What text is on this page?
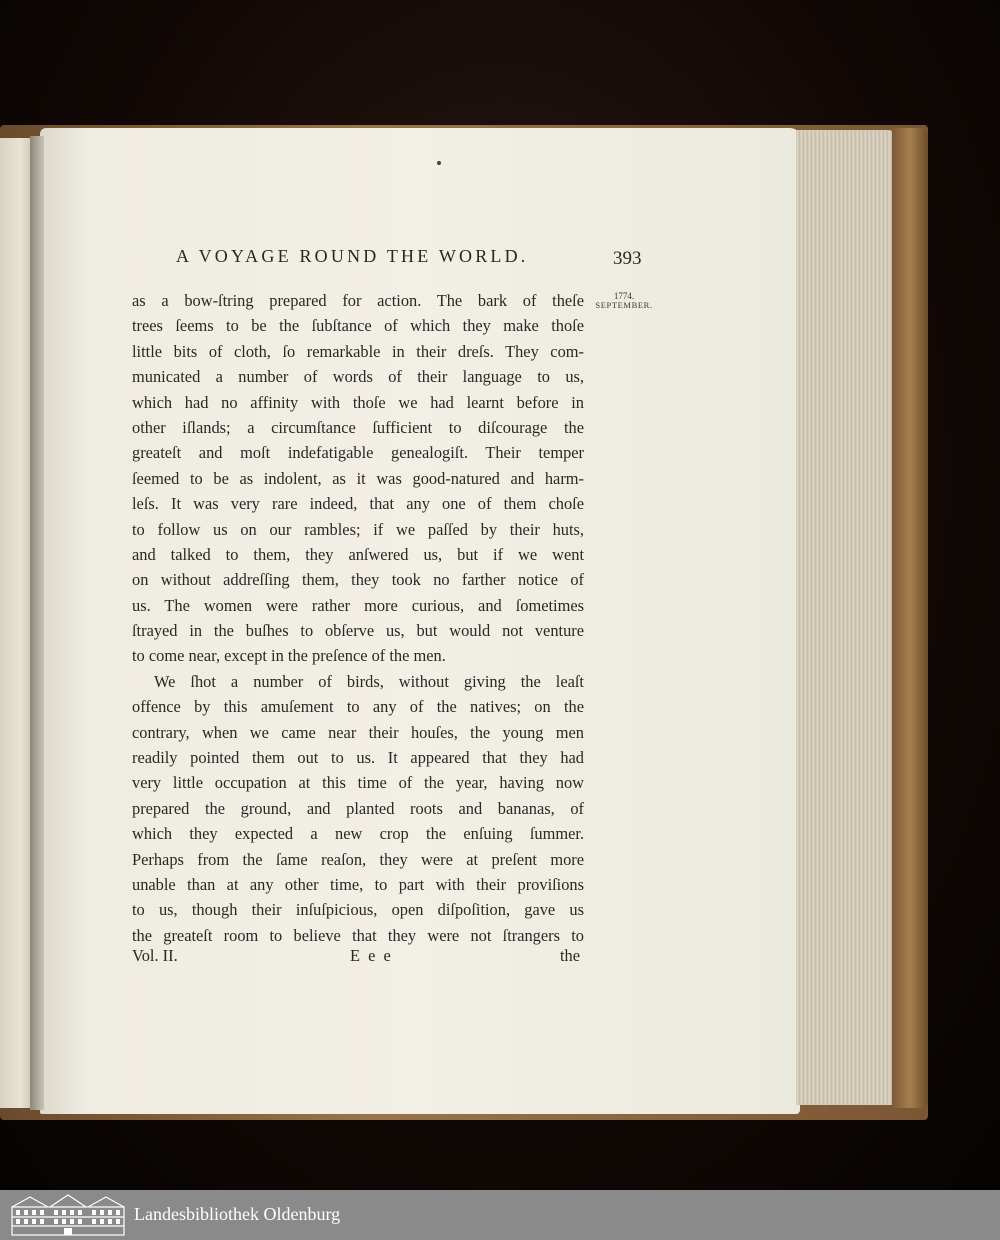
A VOYAGE ROUND THE WORLD.	393
1774.
SEPTEMBER.
as a bow-ſtring prepared for action. The bark of theſe
trees ſeems to be the ſubſtance of which they make thoſe
little bits of cloth, ſo remarkable in their dreſs. They com-
municated a number of words of their language to us,
which had no affinity with thoſe we had learnt before in
other iſlands; a circumſtance ſufficient to diſcourage the
greateſt and moſt indefatigable genealogiſt. Their temper
ſeemed to be as indolent, as it was good-natured and harm-
leſs. It was very rare indeed, that any one of them choſe
to follow us on our rambles; if we paſſed by their huts,
and talked to them, they anſwered us, but if we went
on without addreſſing them, they took no farther notice of
us. The women were rather more curious, and ſometimes
ſtrayed in the buſhes to obſerve us, but would not venture
to come near, except in the preſence of the men.
We ſhot a number of birds, without giving the leaſt
offence by this amuſement to any of the natives; on the
contrary, when we came near their houſes, the young men
readily pointed them out to us. It appeared that they had
very little occupation at this time of the year, having now
prepared the ground, and planted roots and bananas, of
which they expected a new crop the enſuing ſummer.
Perhaps from the ſame reaſon, they were at preſent more
unable than at any other time, to part with their proviſions
to us, though their inſuſpicious, open diſpoſition, gave us
the greateſt room to believe that they were not ſtrangers to
Vol. II.	E e e	the
Landesbibliothek Oldenburg
